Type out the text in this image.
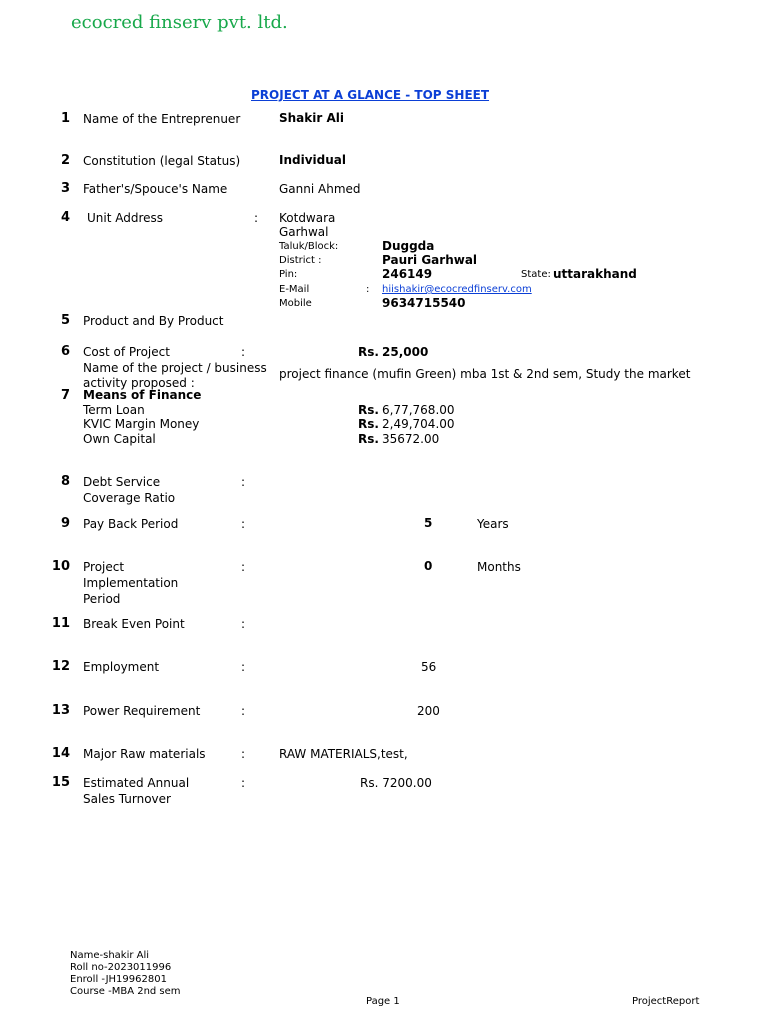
ecocred finserv pvt. ltd.
PROJECT AT A GLANCE - TOP SHEET
1 Name of the Entreprenuer	Shakir Ali
2 Constitution (legal Status)	Individual
3 Father's/Spouce's Name	Ganni Ahmed
4 Unit Address	: Kotdwara
Garhwal
Taluk/Block:	Duggda
District :	Pauri Garhwal
Pin:	246149	State: uttarakhand
E-Mail	: hiishakir@ecocredfinserv.com
Mobile	9634715540
5 Product and By Product
6 Cost of Project	:	Rs. 25,000
Name of the project / business
activity proposed :
project finance (mufin Green) mba 1st & 2nd sem, Study the market
7 Means of Finance
Term Loan	Rs. 6,77,768.00
KVIC Margin Money	Rs. 2,49,704.00
Own Capital	Rs. 35672.00
8 Debt Service
Coverage Ratio
:
9 Pay Back Period	:	5	Years
10 Project
Implementation
Period
:	0	Months
11 Break Even Point	:
12 Employment	:	56
13 Power Requirement	:	200
14 Major Raw materials	:	RAW MATERIALS,test,
15 Estimated Annual
Sales Turnover
:	Rs. 7200.00
Name-shakir Ali
Roll no-2023011996
Enroll -JH19962801
Course -MBA 2nd sem
Page 1	ProjectReport
